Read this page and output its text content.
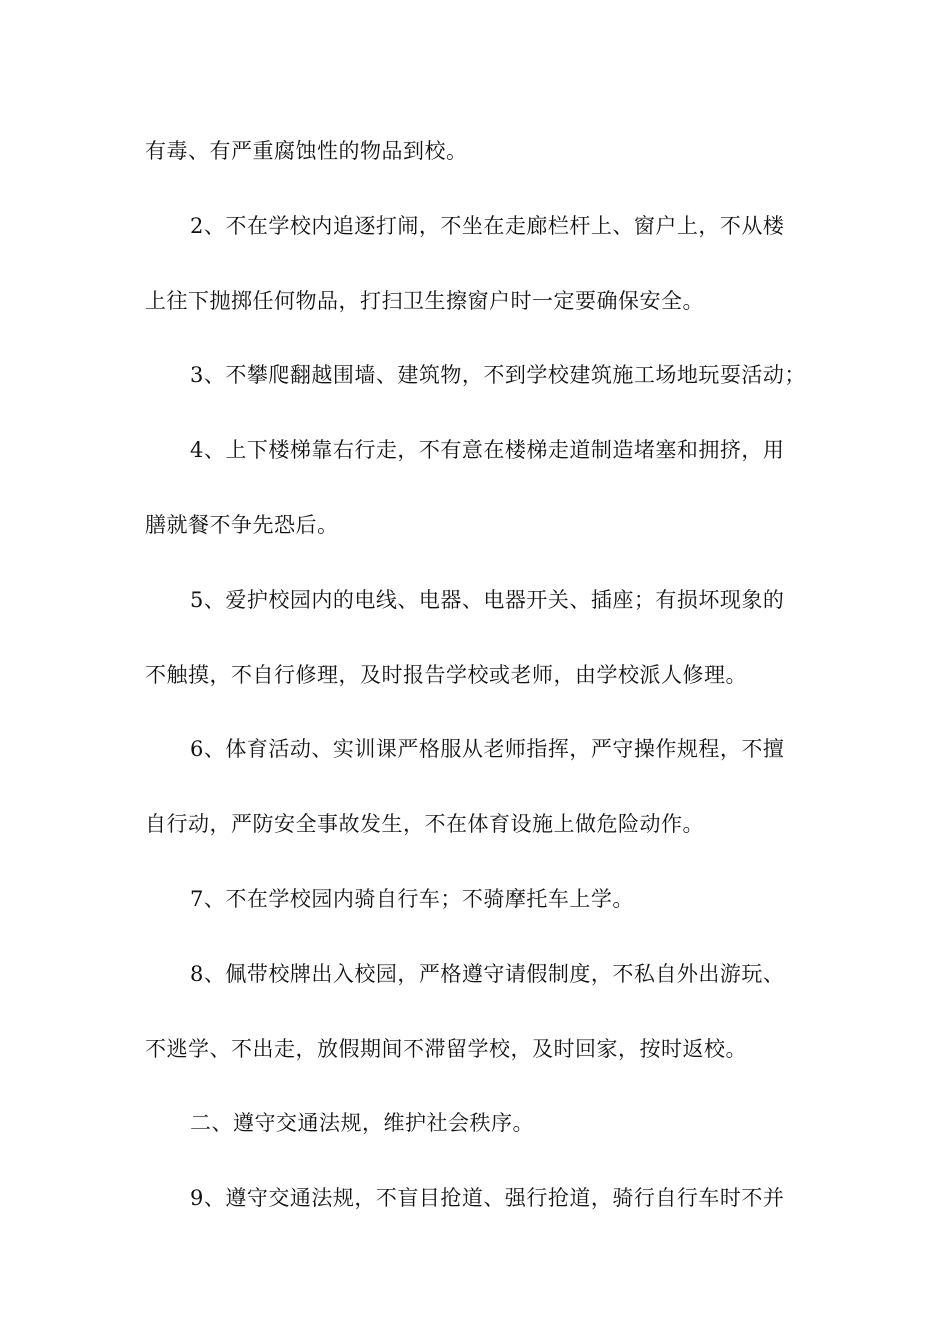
有毒、有严重腐蚀性的物品到校。
2、不在学校内追逐打闹，不坐在走廊栏杆上、窗户上，不从楼
上往下抛掷任何物品，打扫卫生擦窗户时一定要确保安全。
3、不攀爬翻越围墙、建筑物，不到学校建筑施工场地玩耍活动；
4、上下楼梯靠右行走，不有意在楼梯走道制造堵塞和拥挤，用
膳就餐不争先恐后。
5、爱护校园内的电线、电器、电器开关、插座；有损坏现象的
不触摸，不自行修理，及时报告学校或老师，由学校派人修理。
6、体育活动、实训课严格服从老师指挥，严守操作规程，不擅
自行动，严防安全事故发生，不在体育设施上做危险动作。
7、不在学校园内骑自行车；不骑摩托车上学。
8、佩带校牌出入校园，严格遵守请假制度，不私自外出游玩、
不逃学、不出走，放假期间不滞留学校，及时回家，按时返校。
二、遵守交通法规，维护社会秩序。
9、遵守交通法规，不盲目抢道、强行抢道，骑行自行车时不并
